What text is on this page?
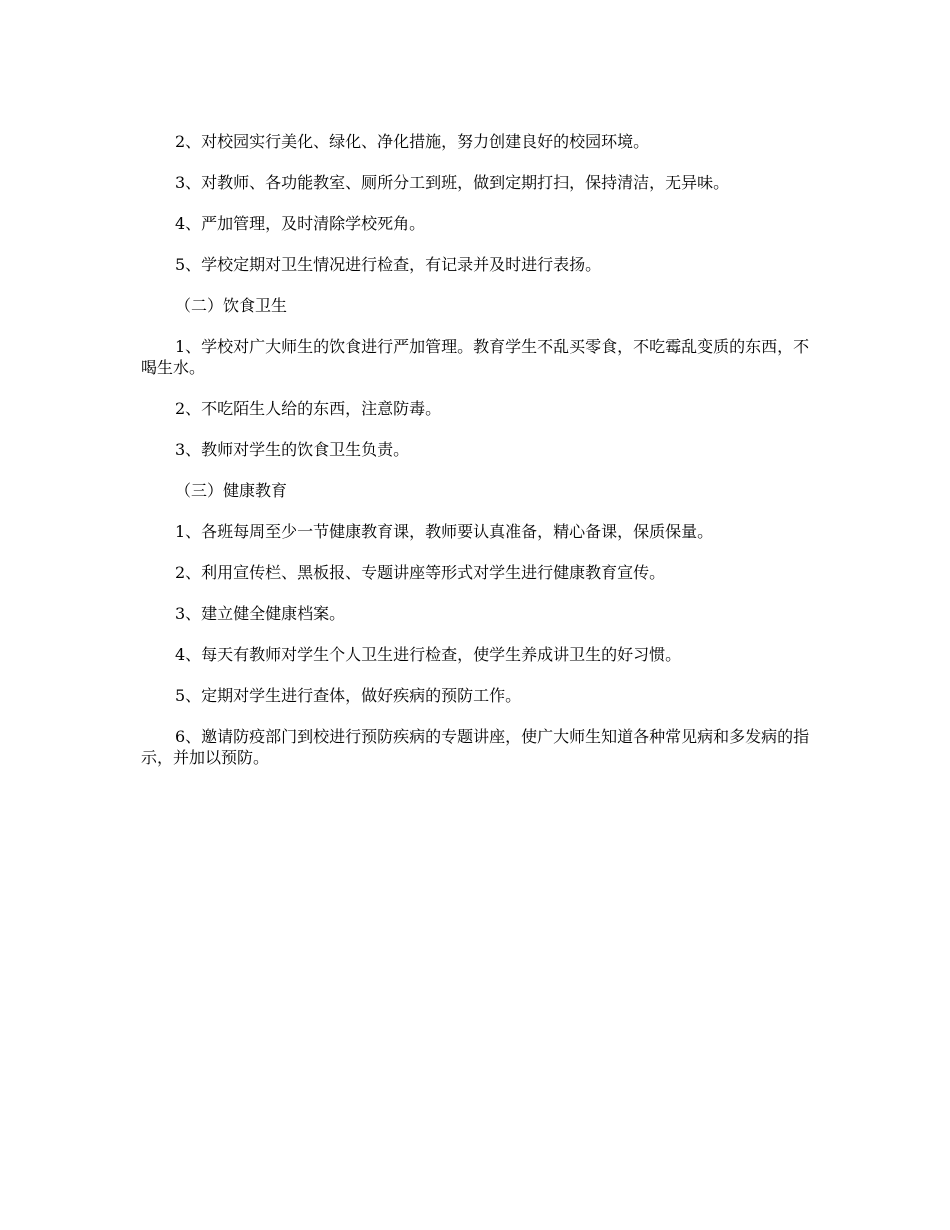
2、对校园实行美化、绿化、净化措施，努力创建良好的校园环境。

3、对教师、各功能教室、厕所分工到班，做到定期打扫，保持清洁，无异味。

4、严加管理，及时清除学校死角。

5、学校定期对卫生情况进行检查，有记录并及时进行表扬。

（二）饮食卫生

1、学校对广大师生的饮食进行严加管理。教育学生不乱买零食，不吃霉乱变质的东西，不喝生水。

2、不吃陌生人给的东西，注意防毒。

3、教师对学生的饮食卫生负责。

（三）健康教育

1、各班每周至少一节健康教育课，教师要认真准备，精心备课，保质保量。

2、利用宣传栏、黑板报、专题讲座等形式对学生进行健康教育宣传。

3、建立健全健康档案。

4、每天有教师对学生个人卫生进行检查，使学生养成讲卫生的好习惯。

5、定期对学生进行查体，做好疾病的预防工作。

6、邀请防疫部门到校进行预防疾病的专题讲座，使广大师生知道各种常见病和多发病的指示，并加以预防。
